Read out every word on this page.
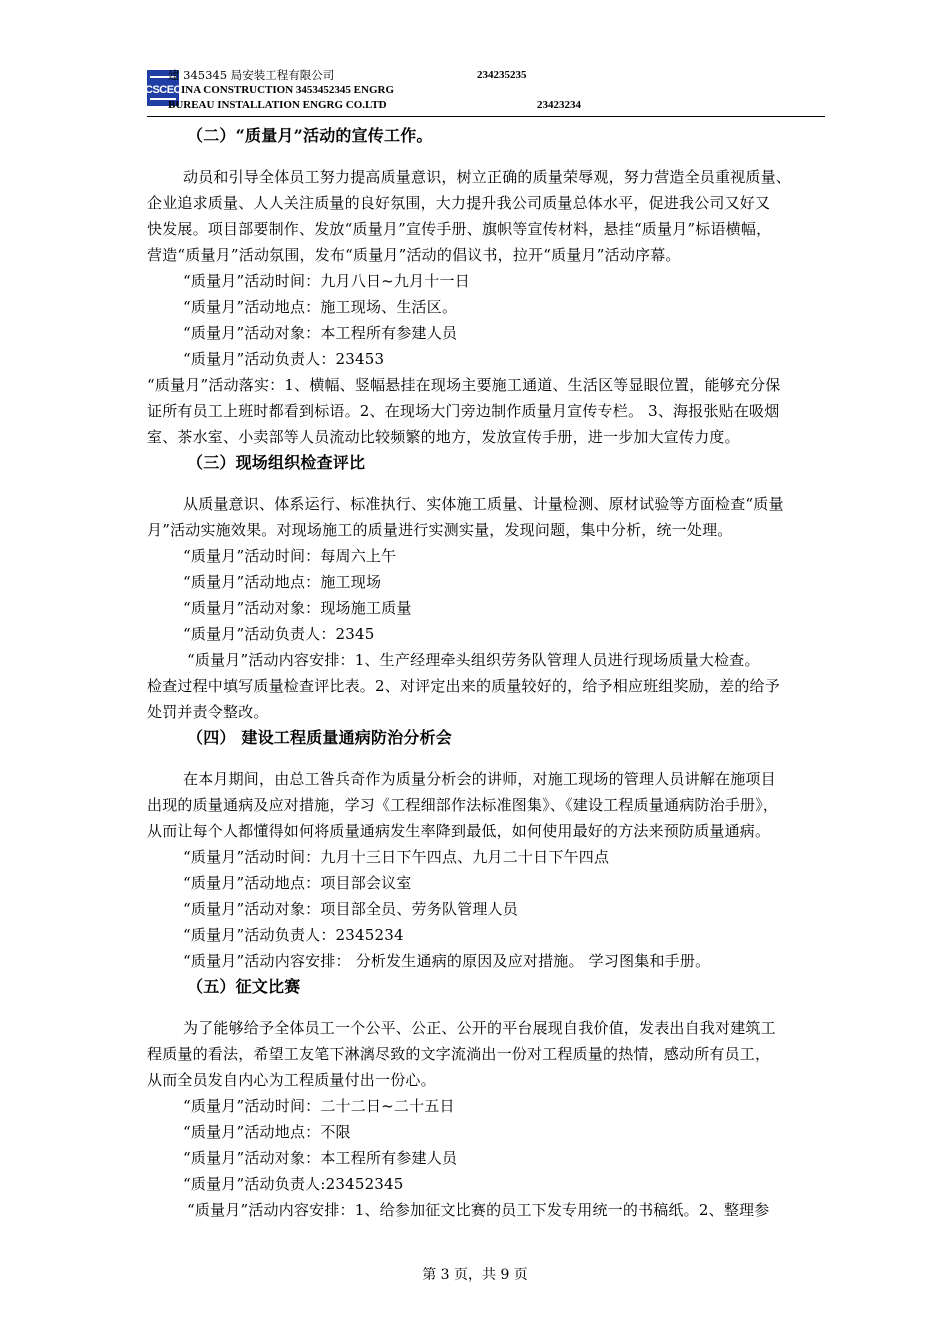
CSCEC
建 345345 局安装工程有限公司	234235235
INA CONSTRUCTION 3453452345 ENGRG
BUREAU INSTALLATION ENGRG CO.LTD	23423234
（二）“质量月”活动的宣传工作。
动员和引导全体员工努力提高质量意识，树立正确的质量荣辱观，努力营造全员重视质量、
企业追求质量、人人关注质量的良好氛围，大力提升我公司质量总体水平，促进我公司又好又
快发展。项目部要制作、发放“质量月”宣传手册、旗帜等宣传材料，悬挂“质量月”标语横幅，
营造“质量月”活动氛围，发布“质量月”活动的倡议书，拉开“质量月”活动序幕。
“质量月”活动时间：九月八日~九月十一日
“质量月”活动地点：施工现场、生活区。
“质量月”活动对象：本工程所有参建人员
“质量月”活动负责人：23453
“质量月”活动落实：1、横幅、竖幅悬挂在现场主要施工通道、生活区等显眼位置，能够充分保
证所有员工上班时都看到标语。2、在现场大门旁边制作质量月宣传专栏。 3、海报张贴在吸烟
室、茶水室、小卖部等人员流动比较频繁的地方，发放宣传手册，进一步加大宣传力度。
（三）现场组织检查评比
从质量意识、体系运行、标准执行、实体施工质量、计量检测、原材试验等方面检查“质量
月”活动实施效果。对现场施工的质量进行实测实量，发现问题，集中分析，统一处理。
“质量月”活动时间：每周六上午
“质量月”活动地点：施工现场
“质量月”活动对象：现场施工质量
“质量月”活动负责人：2345
“质量月”活动内容安排：1、生产经理牵头组织劳务队管理人员进行现场质量大检查。
检查过程中填写质量检查评比表。2、对评定出来的质量较好的，给予相应班组奖励，差的给予
处罚并责令整改。
（四） 建设工程质量通病防治分析会
在本月期间，由总工昝兵奇作为质量分析会的讲师，对施工现场的管理人员讲解在施项目
出现的质量通病及应对措施，学习《工程细部作法标准图集》、《建设工程质量通病防治手册》，
从而让每个人都懂得如何将质量通病发生率降到最低，如何使用最好的方法来预防质量通病。
“质量月”活动时间：九月十三日下午四点、九月二十日下午四点
“质量月”活动地点：项目部会议室
“质量月”活动对象：项目部全员、劳务队管理人员
“质量月”活动负责人：2345234
“质量月”活动内容安排： 分析发生通病的原因及应对措施。 学习图集和手册。
（五）征文比赛
为了能够给予全体员工一个公平、公正、公开的平台展现自我价值，发表出自我对建筑工
程质量的看法，希望工友笔下淋漓尽致的文字流淌出一份对工程质量的热情，感动所有员工，
从而全员发自内心为工程质量付出一份心。
“质量月”活动时间：二十二日~二十五日
“质量月”活动地点：不限
“质量月”活动对象：本工程所有参建人员
“质量月”活动负责人:23452345
“质量月”活动内容安排：1、给参加征文比赛的员工下发专用统一的书稿纸。2、整理参
第 3 页，共 9 页
